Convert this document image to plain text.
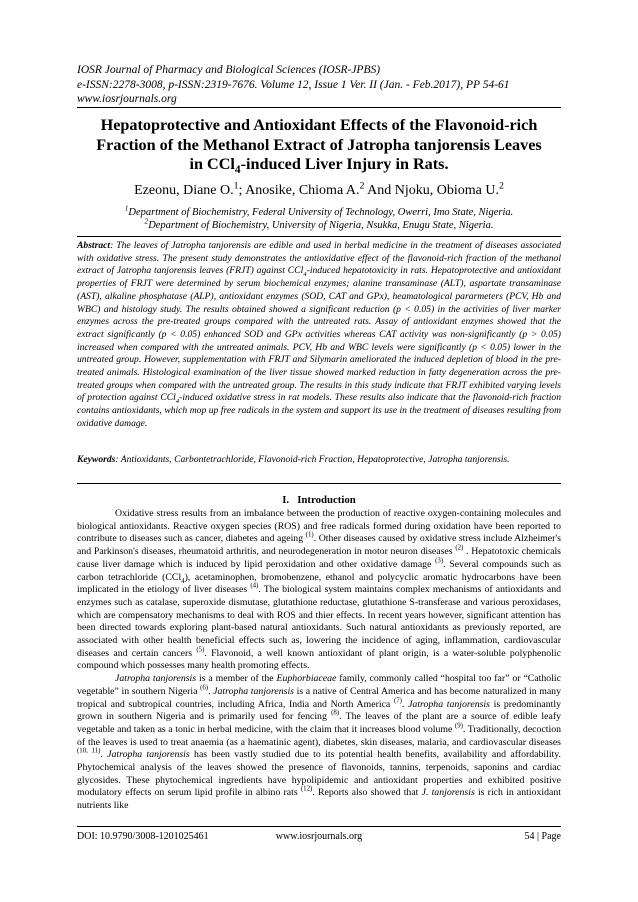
IOSR Journal of Pharmacy and Biological Sciences (IOSR-JPBS)
e-ISSN:2278-3008, p-ISSN:2319-7676. Volume 12, Issue 1 Ver. II (Jan. - Feb.2017), PP 54-61
www.iosrjournals.org
Hepatoprotective and Antioxidant Effects of the Flavonoid-rich
Fraction of the Methanol Extract of Jatropha tanjorensis Leaves
in CCl$_4$-induced Liver Injury in Rats.
Ezeonu, Diane O.$^1$; Anosike, Chioma A.$^2$ And Njoku, Obioma U.$^2$
$^1$Department of Biochemistry, Federal University of Technology, Owerri, Imo State, Nigeria.
$^2$Department of Biochemistry, University of Nigeria, Nsukka, Enugu State, Nigeria.
Abstract: The leaves of Jatropha tanjorensis are edible and used in herbal medicine in the treatment of diseases associated with oxidative stress. The present study demonstrates the antioxidative effect of the flavonoid-rich fraction of the methanol extract of Jatropha tanjorensis leaves (FRJT) against CCl$_4$-induced hepatotoxicity in rats. Hepatoprotective and antioxidant properties of FRJT were determined by serum biochemical enzymes; alanine transaminase (ALT), aspartate transaminase (AST), alkaline phosphatase (ALP), antioxidant enzymes (SOD, CAT and GPx), heamatological pararmeters (PCV, Hb and WBC) and histology study. The results obtained showed a significant reduction (p < 0.05) in the activities of liver marker enzymes across the pre-treated groups compared with the untreated rats. Assay of antioxidant enzymes showed that the extract significantly (p < 0.05) enhanced SOD and GPx activities whereas CAT activity was non-significantly (p > 0.05) increased when compared with the untreated animals. PCV, Hb and WBC levels were significantly (p < 0.05) lower in the untreated group. However, supplementation with FRJT and Silymarin ameliorated the induced depletion of blood in the pre-treated animals. Histological examination of the liver tissue showed marked reduction in fatty degeneration across the pre-treated groups when compared with the untreated group. The results in this study indicate that FRJT exhibited varying levels of protection against CCl$_4$-induced oxidative stress in rat models. These results also indicate that the flavonoid-rich fraction contains antioxidants, which mop up free radicals in the system and support its use in the treatment of diseases resulting from oxidative damage.
Keywords: Antioxidants, Carbontetrachloride, Flavonoid-rich Fraction, Hepatoprotective, Jatropha tanjorensis.
I. Introduction

Oxidative stress results from an imbalance between the production of reactive oxygen-containing molecules and biological antioxidants. Reactive oxygen species (ROS) and free radicals formed during oxidation have been reported to contribute to diseases such as cancer, diabetes and ageing $^{(1)}$. Other diseases caused by oxidative stress include Alzheimer's and Parkinson's diseases, rheumatoid arthritis, and neurodegeneration in motor neuron diseases $^{(2)}$ . Hepatotoxic chemicals cause liver damage which is induced by lipid peroxidation and other oxidative damage $^{(3)}$. Several compounds such as carbon tetrachloride (CCl$_4$), acetaminophen, bromobenzene, ethanol and polycyclic aromatic hydrocarbons have been implicated in the etiology of liver diseases $^{(4)}$. The biological system maintains complex mechanisms of antioxidants and enzymes such as catalase, superoxide dismutase, glutathione reductase, glutathione S-transferase and various peroxidases, which are compensatory mechanisms to deal with ROS and thier effects. In recent years however, significant attention has been directed towards exploring plant-based natural antioxidants. Such natural antioxidants as previously reported, are associated with other health beneficial effects such as, lowering the incidence of aging, inflammation, cardiovascular diseases and certain cancers $^{(5)}$. Flavonoid, a well known antioxidant of plant origin, is a water-soluble polyphenolic compound which possesses many health promoting effects.

Jatropha tanjorensis is a member of the Euphorbiaceae family, commonly called “hospital too far” or “Catholic vegetable” in southern Nigeria $^{(6)}$. Jatropha tanjorensis is a native of Central America and has become naturalized in many tropical and subtropical countries, including Africa, India and North America $^{(7)}$. Jatropha tanjorensis is predominantly grown in southern Nigeria and is primarily used for fencing $^{(8)}$. The leaves of the plant are a source of edible leafy vegetable and taken as a tonic in herbal medicine, with the claim that it increases blood volume $^{(9)}$. Traditionally, decoction of the leaves is used to treat anaemia (as a haematinic agent), diabetes, skin diseases, malaria, and cardiovascular diseases $^{(10, 11)}$. Jatropha tanjorensis has been vastly studied due to its potential health benefits, availability and affordability. Phytochemical analysis of the leaves showed the presence of flavonoids, tannins, terpenoids, saponins and cardiac glycosides. These phytochemical ingredients have hypolipidemic and antioxidant properties and exhibited positive modulatory effects on serum lipid profile in albino rats $^{(12)}$. Reports also showed that J. tanjorensis is rich in antioxidant nutrients like

DOI: 10.9790/3008-1201025461	www.iosrjournals.org	54 | Page
